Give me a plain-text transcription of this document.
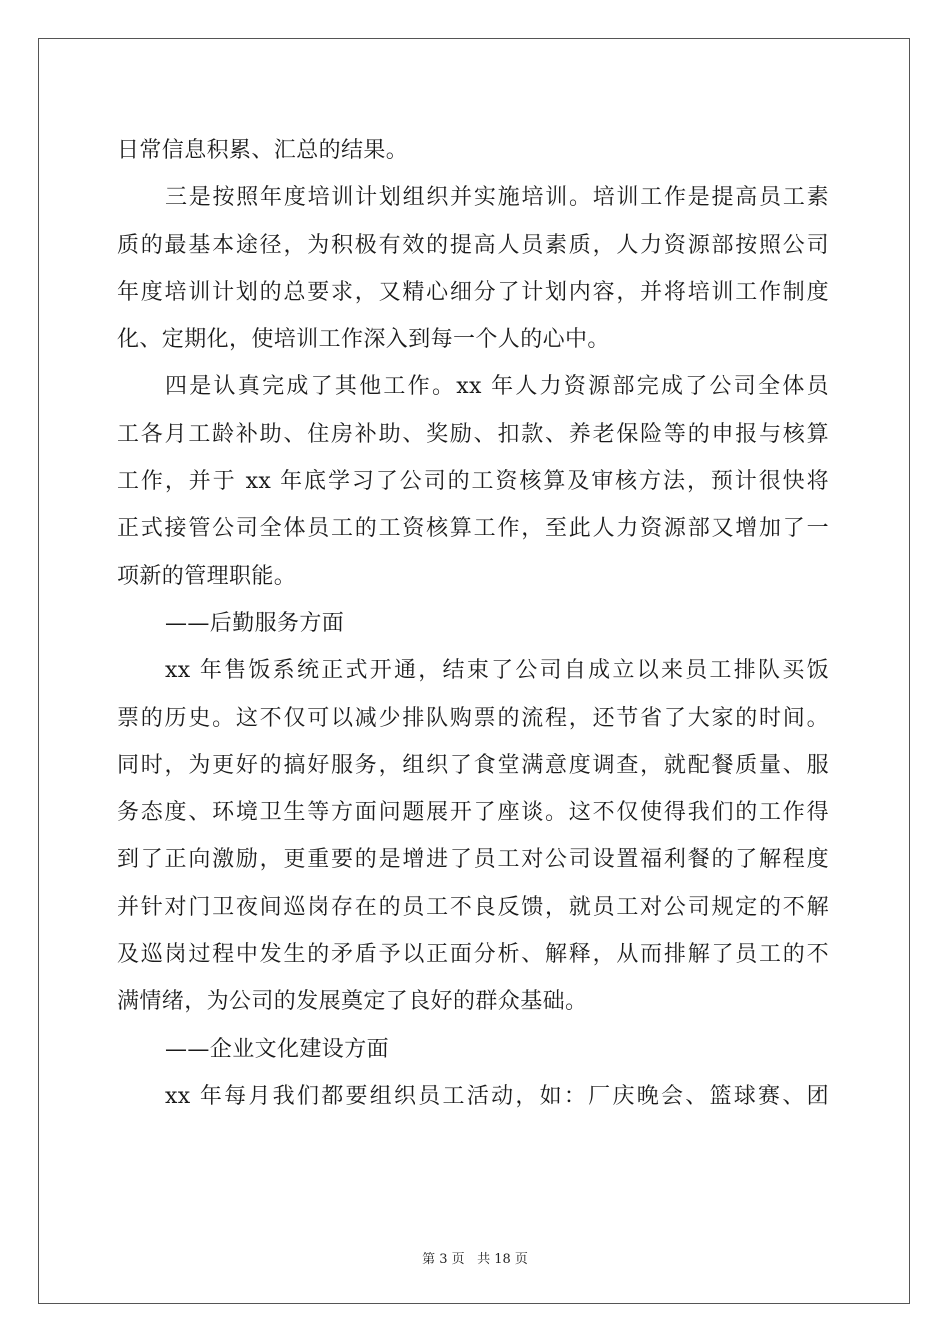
日常信息积累、汇总的结果。
三是按照年度培训计划组织并实施培训。培训工作是提高员工素
质的最基本途径，为积极有效的提高人员素质，人力资源部按照公司
年度培训计划的总要求，又精心细分了计划内容，并将培训工作制度
化、定期化，使培训工作深入到每一个人的心中。
四是认真完成了其他工作。xx 年人力资源部完成了公司全体员
工各月工龄补助、住房补助、奖励、扣款、养老保险等的申报与核算
工作，并于 xx 年底学习了公司的工资核算及审核方法，预计很快将
正式接管公司全体员工的工资核算工作，至此人力资源部又增加了一
项新的管理职能。
——后勤服务方面
xx 年售饭系统正式开通，结束了公司自成立以来员工排队买饭
票的历史。这不仅可以减少排队购票的流程，还节省了大家的时间。
同时，为更好的搞好服务，组织了食堂满意度调查，就配餐质量、服
务态度、环境卫生等方面问题展开了座谈。这不仅使得我们的工作得
到了正向激励，更重要的是增进了员工对公司设置福利餐的了解程度
并针对门卫夜间巡岗存在的员工不良反馈，就员工对公司规定的不解
及巡岗过程中发生的矛盾予以正面分析、解释，从而排解了员工的不
满情绪，为公司的发展奠定了良好的群众基础。
——企业文化建设方面
xx 年每月我们都要组织员工活动，如：厂庆晚会、篮球赛、团
第 3 页 共 18 页
